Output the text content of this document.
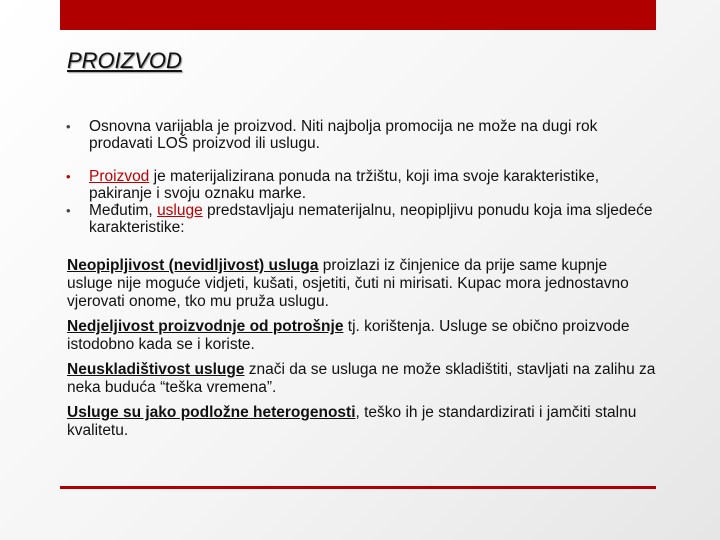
PROIZVOD
• Osnovna varijabla je proizvod. Niti najbolja promocija ne može na dugi rok prodavati LOŠ proizvod ili uslugu.
• Proizvod je materijalizirana ponuda na tržištu, koji ima svoje karakteristike, pakiranje i svoju oznaku marke.
• Međutim, usluge predstavljaju nematerijalnu, neopipljivu ponudu koja ima sljedeće karakteristike:

Neopipljivost (nevidljivost) usluga proizlazi iz činjenice da prije same kupnje usluge nije moguće vidjeti, kušati, osjetiti, čuti ni mirisati. Kupac mora jednostavno vjerovati onome, tko mu pruža uslugu.

Nedjeljivost proizvodnje od potrošnje tj. korištenja. Usluge se obično proizvode istodobno kada se i koriste.

Neuskladištivost usluge znači da se usluga ne može skladištiti, stavljati na zalihu za neka buduća “teška vremena”.

Usluge su jako podložne heterogenosti, teško ih je standardizirati i jamčiti stalnu kvalitetu.
